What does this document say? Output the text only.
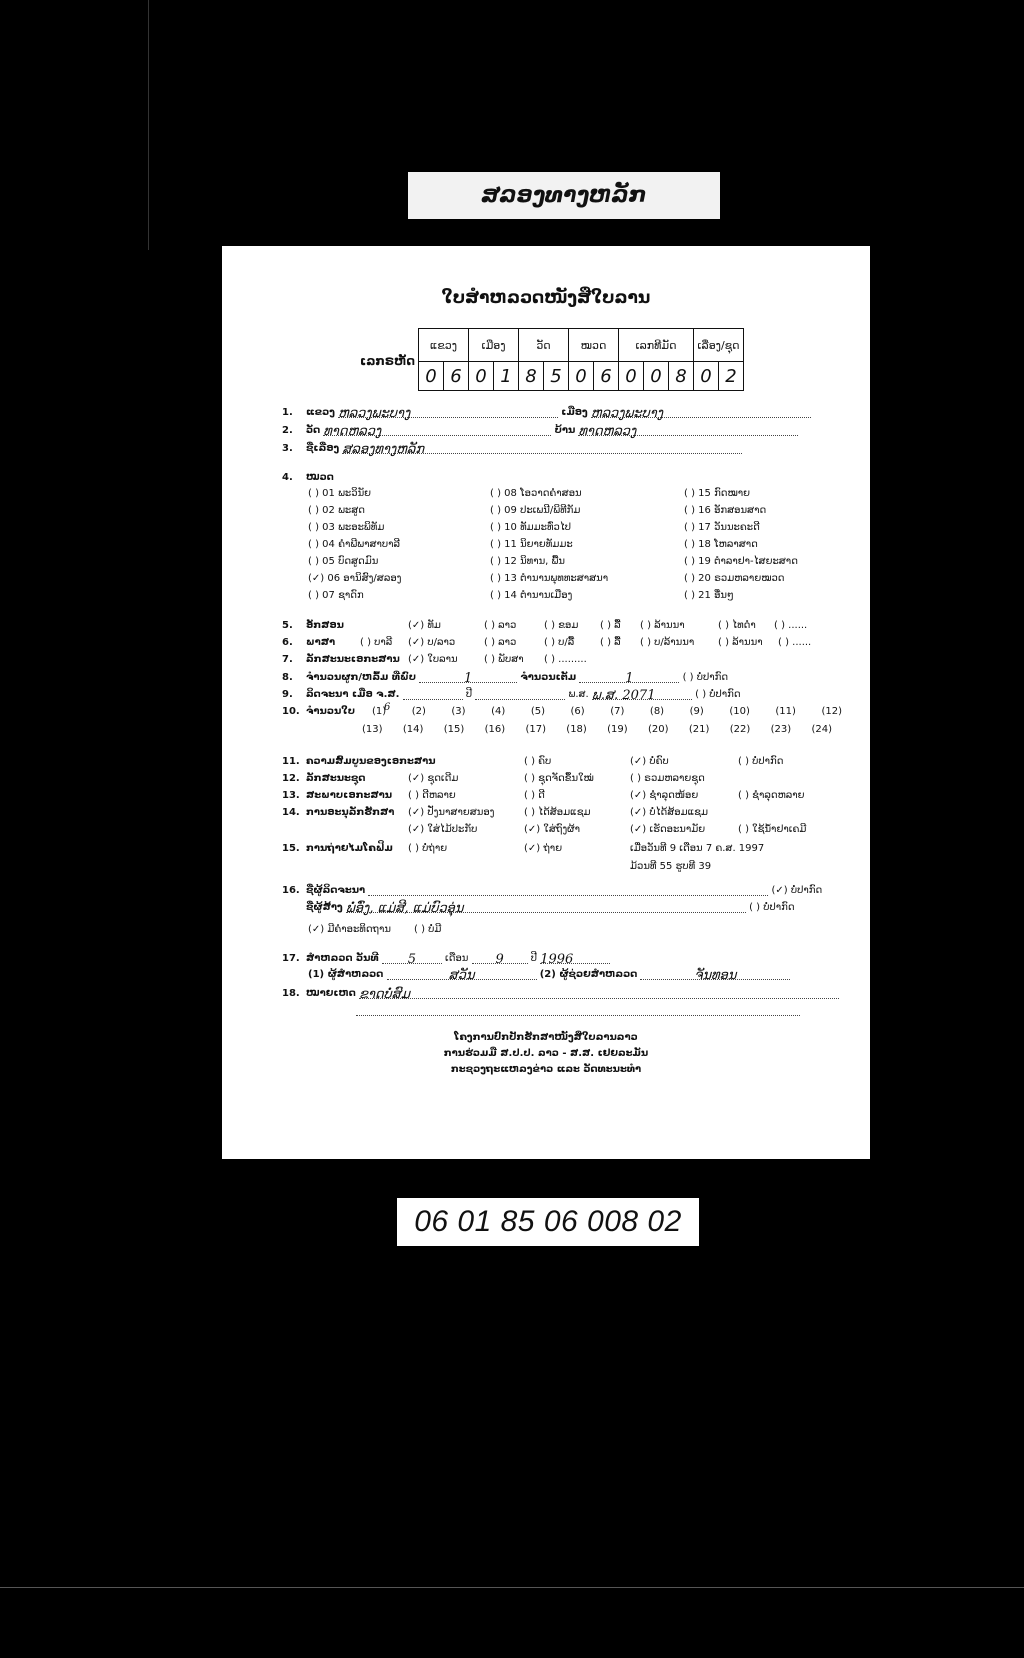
ສລອງທາງຫລັກ
ໃບສຳຫລວດໜັງສືໃບລານ
ເລກຣຫັດ
ແຂວງ		ເມືອງ		ວັດ		ໝວດ		ເລກທີມັດ			ເລື່ອງ/ຊຸດ	
0	6	0	1	8	5	0	6	0	0	8	0	2
1. ແຂວງ ຫລວງພະບາງ	ເມືອງ ຫລວງພະບາງ
2. ວັດ ທາດຫລວງ	ບ້ານ ທາດຫລວງ
3. ຊື່ເລື່ອງ ສລອງທາງຫລັກ
4. ໝວດ
( ) 01 ພະວິນັຍ
( ) 02 ພະສູດ
( ) 03 ພະອະພິທັມ
( ) 04 ຄຳພີພາສາບາລີ
( ) 05 ບົດສູດມົນ
(✓) 06 ອານິສົງ/ສລອງ
( ) 07 ຊາດົກ
( ) 08 ໂອວາດຄຳສອນ
( ) 09 ປະເພນີ/ພິທີກັມ
( ) 10 ທັມມະທົ່ວໄປ
( ) 11 ນິຍາຍທັມມະ
( ) 12 ນິທານ, ພື້ນ
( ) 13 ຕຳນານພຸທທະສາສນາ
( ) 14 ຕຳນານເມືອງ
( ) 15 ກົດໝາຍ
( ) 16 ອັກສອນສາດ
( ) 17 ວັນນະຄະດີ
( ) 18 ໂຫລາສາດ
( ) 19 ຕຳລາຢາ-ໄສຍະສາດ
( ) 20 ຣວມຫລາຍໝວດ
( ) 21 ອື່ນໆ
5. ອັກສອນ	(✓) ທັມ	( ) ລາວ	( ) ຂອມ ( ) ລື້ ( ) ລ້ານນາ	( ) ໄທດຳ ( ) ......
6. ພາສາ ( ) ບາລີ (✓) ບ/ລາວ	( ) ລາວ	( ) ບ/ລື້	( ) ລື້ ( ) ບ/ລ້ານນາ ( ) ລ້ານນາ ( ) ......
7. ລັກສະນະເອກະສານ (✓) ໃບລານ	( ) ພັບສາ ( ) .........
8. ຈຳນວນຜູກ/ຫລົ້ມ ທີ່ພົບ	1	ຈຳນວນເຕັມ	1	( ) ບໍ່ປາກົດ
9. ລິດຈະນາ ເມື່ອ ຈ.ສ.	ປີ	ພ.ສ. ພ.ສ. 2071	( ) ບໍ່ປາກົດ
10. ຈຳນວນໃບ	6
(1)	(2)	(3)	(4)	(5)	(6)	(7)	(8)	(9)	(10)	(11)	(12)
(13) (14) (15) (16) (17) (18) (19) (20) (21) (22) (23) (24)
11. ຄວາມສົມບູນຂອງເອກະສານ	( ) ຄົບ	(✓) ບໍ່ຄົບ	( ) ບໍ່ປາກົດ
12. ລັກສະນະຊຸດ	(✓) ຊຸດເດີມ	( ) ຊຸດຈັດຂຶ້ນໃໝ່	( ) ຣວມຫລາຍຊຸດ
13. ສະພາບເອກະສານ ( ) ດີຫລາຍ	( ) ດີ	(✓) ຊຳລຸດໜ້ອຍ	( ) ຊຳລຸດຫລາຍ
14. ການອະນຸລັກຮັກສາ (✓) ປັ່ງນາສາຍສນອງ	( ) ໄດ້ສ້ອມແຊມ	(✓) ບໍ່ໄດ້ສ້ອມແຊມ
( ) ໃຊ້ນ້ຳຢາເຄມີ
(✓) ໃສ່ໄມ້ປະກັບ	(✓) ໃສ່ຖົງຜ້າ	(✓) ເຮັດອະນາມັຍ
15. ການຖ່າຍໄມໂຄຟິມ ( ) ບໍ່ຖ່າຍ	(✓) ຖ່າຍ	ເມື່ອວັນທີ 9 ເດືອນ 7 ຄ.ສ. 1997
ມ້ວນທີ 55 ຮູບທີ 39
16. ຊື່ຜູ້ລິດຈະນາ	(✓) ບໍ່ປາກົດ
ຊື່ຜູ້ສ້າງ ພໍ່ອົ່ງ, ແມ່ສີ, ແມ່ບົວອຸ່ນ	( ) ບໍ່ປາກົດ
(✓) ມີຄຳອະທິດຖານ ( ) ບໍ່ມີ
17. ສຳຫລວດ ວັນທີ 5	ເດືອນ 9	ປີ 1996
(1) ຜູ້ສຳຫລວດ	ສວັນ	(2) ຜູ້ຊ່ວຍສຳຫລວດ	ຈັນທອນ
18. ໝາຍເຫດ ຂາດບໍ່ສົມ
ໂຄງການປົກປັກຮັກສາໜັງສືໃບລານລາວ
ການຮ່ວມມື ສ.ປ.ປ. ລາວ - ສ.ສ. ເຢຍລະມັນ
ກະຊວງຖະແຫລງຂ່າວ ແລະ ວັດທະນະທຳ
06 01 85 06 008 02
